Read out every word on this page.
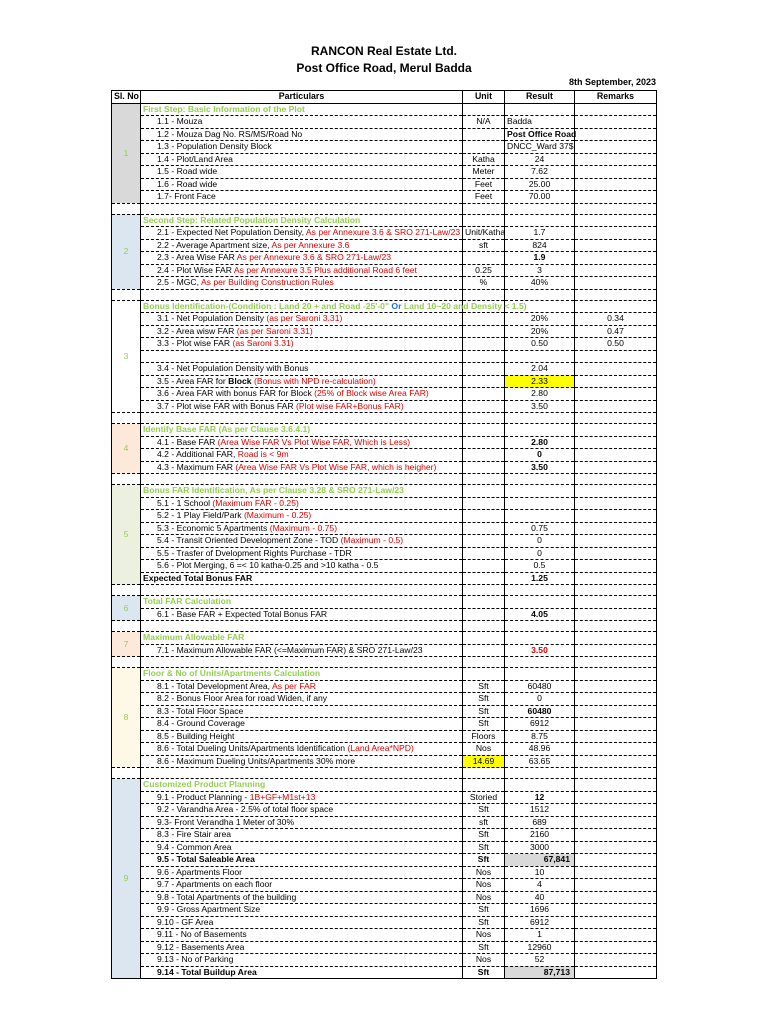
RANCON Real Estate Ltd.
Post Office Road, Merul Badda
8th September, 2023
Sl. No	Particulars	Unit	Result	Remarks
1	First Step: Basic Information of the Plot			
	1.1 - Mouza	N/A	Badda	
	1.2 - Mouza Dag No. RS/MS/Road No		Post Office Road	
	1.3 - Population Density Block		DNCC_Ward 37$	
	1.4 - Plot/Land Area	Katha	24	
	1.5 - Road wide	Meter	7.62	
	1.6 - Road wide	Feet	25.00	
	1.7- Front Face	Feet	70.00	

2	Second Step: Related Population Density Calculation			
	2.1 - Expected Net Population Density, As per Annexure 3.6 & SRO 271-Law/23	Unit/Katha	1.7	
	2.2 - Average Apartment size, As per Annexure 3.6	sft	824	
	2.3 - Area Wise FAR As per Annexure 3.6 & SRO 271-Law/23		1.9	
	2.4 - Plot Wise FAR As per Annexure 3.5 Plus additional Road 6 feet	0.25	3	
	2.5 - MGC, As per Building Construction Rules	%	40%	

3	Bonus Identification-(Condition : Land 20 + and Road -25'-0" Or Land 10~20 and Density < 1.5)			
	3.1 - Net Population Density (as per Saroni 3.31)		20%	0.34
	3.2 - Area wisw FAR (as per Saroni 3.31)		20%	0.47
	3.3 - Plot wise FAR (as Saroni 3.31)		0.50	0.50

	3.4 - Net Population Density with Bonus		2.04	
	3.5 - Area FAR for Block (Bonus with NPD re-calculation)		2.33	
	3.6 - Area FAR with bonus FAR for Block (25% of Block wise Area FAR)		2.80	
	3.7 - Plot wise FAR with Bonus FAR (Plot wise FAR+Bonus FAR)		3.50	

4	Identify Base FAR (As per Clause 3.6.4.1)			
	4.1 - Base FAR (Area Wise FAR Vs Plot Wise FAR, Which is Less)		2.80	
	4.2 - Additional FAR, Road is < 9m		0	
	4.3 - Maximum FAR (Area Wise FAR Vs Plot Wise FAR, which is heigher)		3.50	

5	Bonus FAR Identification, As per Clause 3.28 & SRO 271-Law/23			
	5.1 - 1 School (Maximum FAR - 0.25)			
	5.2 - 1 Play Field/Park (Maximum - 0.25)			
	5.3 - Economic 5 Apartments (Maximum - 0.75)		0.75	
	5.4 - Transit Oriented Development Zone - TOD (Maximum - 0.5)		0	
	5.5 - Trasfer of Dvelopment Rights Purchase - TDR		0	
	5.6 - Plot Merging, 6 =< 10 katha-0.25 and >10 katha - 0.5		0.5	
	Expected Total Bonus FAR		1.25	

6	Total FAR Calculation			
	6.1 - Base FAR + Expected Total Bonus FAR		4.05	

7	Maximum Allowable FAR			
	7.1 - Maximum Allowable FAR (<=Maximum FAR) & SRO 271-Law/23		3.50	

8	Floor & No of Units/Apartments Calculation			
	8.1 - Total Development Area, As per FAR	Sft	60480	
	8.2 - Bonus Floor Area for road Widen, if any	Sft	0	
	8.3 - Total Floor Space	Sft	60480	
	8.4 - Ground Coverage	Sft	6912	
	8.5 - Building Height	Floors	8.75	
	8.6 - Total Dueling Units/Apartments Identification (Land Area*NPD)	Nos	48.96	
	8.6 - Maximum Dueling Units/Apartments 30% more	14.69	63.65	

9	Customized Product Planning			
	9.1 - Product Planning - 1B+GF+M1st+13	Storied	12	
	9.2 - Varandha Area - 2.5% of total floor space	Sft	1512	
	9.3- Front Verandha 1 Meter of 30%	sft	689	
	8.3 - Fire Stair area	Sft	2160	
	9.4 - Common Area	Sft	3000	
	9.5 - Total Saleable Area	Sft	67,841	
	9.6 - Apartments Floor	Nos	10	
	9.7 - Apartments on each floor	Nos	4	
	9.8 - Total Apartments of the building	Nos	40	
	9.9 - Gross Apartment Size	Sft	1696	
	9.10 - GF Area	Sft	6912	
	9.11 - No of Basements	Nos	1	
	9.12 - Basements Area	Sft	12960	
	9.13 - No of Parking	Nos	52	
	9.14 - Total Buildup Area	Sft	87,713	
